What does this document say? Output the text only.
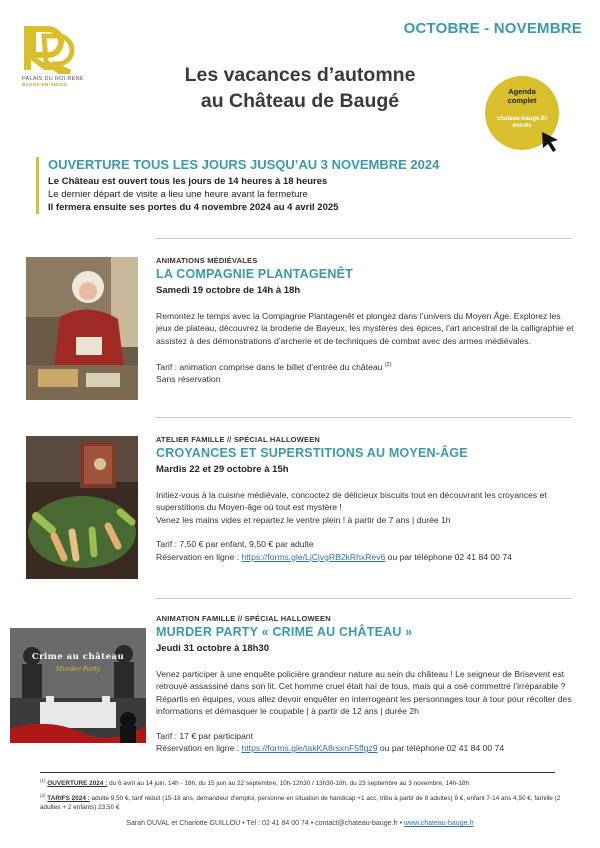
PALAIS DU ROI RENÉ
BAUGÉ-EN-ANJOU
OCTOBRE - NOVEMBRE
Les vacances d’automne
au Château de Baugé	Agenda
complet
chateau-bauge.fr/
events
OUVERTURE TOUS LES JOURS JUSQU’AU 3 NOVEMBRE 2024
Le Château est ouvert tous les jours de 14 heures à 18 heures
Le dernier départ de visite a lieu une heure avant la fermeture
Il fermera ensuite ses portes du 4 novembre 2024 au 4 avril 2025
ANIMATIONS MÉDIÉVALES
LA COMPAGNIE PLANTAGENÊT
Samedi 19 octobre de 14h à 18h
Remontez le temps avec la Compagnie Plantagenêt et plongez dans l’univers du Moyen Âge. Explorez les jeux de plateau, découvrez la broderie de Bayeux, les mystères des épices, l’art ancestral de la calligraphie et assistez à des démonstrations d’archerie et de techniques de combat avec des armes médiévales.
Tarif : animation comprise dans le billet d’entrée du château $^{(2)}$
Sans réservation
ATELIER FAMILLE // SPÉCIAL HALLOWEEN
CROYANCES ET SUPERSTITIONS AU MOYEN-ÂGE
Mardis 22 et 29 octobre à 15h
Initiez-vous à la cuisine médiévale, concoctez de délicieux biscuits tout en découvrant les croyances et superstitions du Moyen-âge où tout est mystère !
Venez les mains vides et repartez le ventre plein ! à partir de 7 ans | durée 1h
Tarif : 7,50 € par enfant, 9,50 € par adulte
Réservation en ligne : https://forms.gle/LjCjvgRB2kRhxRev6 ou par téléphone 02 41 84 00 74
Crime au château
Murder Party
ANIMATION FAMILLE // SPÉCIAL HALLOWEEN
MURDER PARTY « CRIME AU CHÂTEAU »
Jeudi 31 octobre à 18h30
Venez participer à une enquête policière grandeur nature au sein du château ! Le seigneur de Brisevent est retrouvé assassiné dans son lit. Cet homme cruel était haï de tous, mais qui a osé commettre l’irréparable ? Répartis en équipes, vous allez devoir enquêter en interrogeant les personnages tour à tour pour récolter des informations et démasquer le coupable | à partir de 12 ans | durée 2h
Tarif : 17 € par participant
Réservation en ligne : https://forms.gle/takKA8rsxnF5ffgz9 ou par téléphone 02 41 84 00 74
$^{(1)}$ OUVERTURE 2024 : du 6 avril au 14 juin, 14h - 18h, du 15 juin au 22 septembre, 10h-12h30 / 13h30-18h, du 23 septembre au 3 novembre, 14h-18h
$^{(2)}$ TARIFS 2024 : adulte 9,50 €, tarif réduit (15-18 ans, demandeur d’emploi, personne en situation de handicap +1 acc, tribu à partir de 8 adultes) 8 €, enfant 7-14 ans 4,50 €, famille (2 adultes + 2 enfants) 23,50 €
Sarah DUVAL et Charlotte GUILLOU • Tél : 02 41 84 00 74 • contact@chateau-bauge.fr • www.chateau-bauge.fr
